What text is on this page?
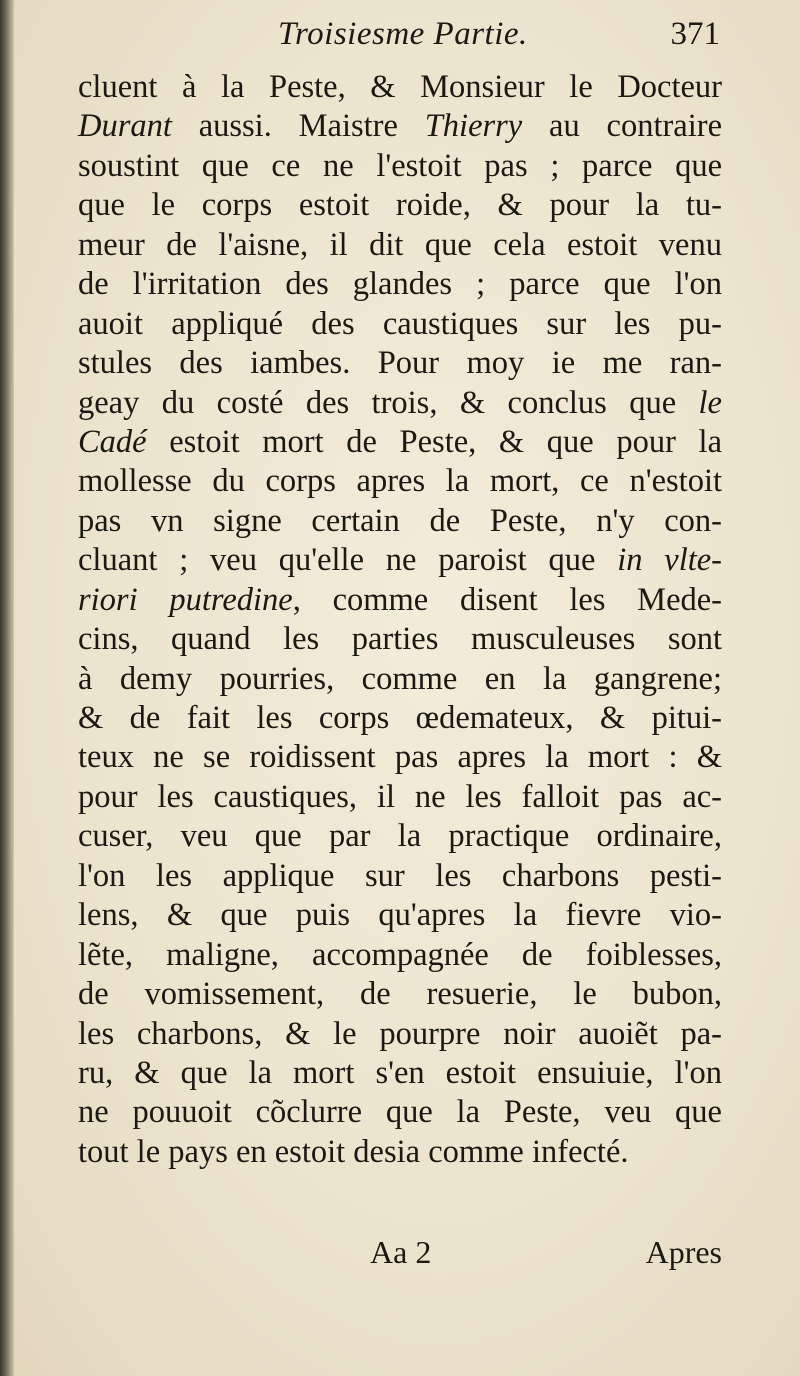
Troisiesme Partie.	371
cluent à la Peste, & Monsieur le Docteur
Durant aussi. Maistre Thierry au contraire
soustint que ce ne l'estoit pas ; parce que
que le corps estoit roide, & pour la tu-
meur de l'aisne, il dit que cela estoit venu
de l'irritation des glandes ; parce que l'on
auoit appliqué des caustiques sur les pu-
stules des iambes. Pour moy ie me ran-
geay du costé des trois, & conclus que le
Cadé estoit mort de Peste, & que pour la
mollesse du corps apres la mort, ce n'estoit
pas vn signe certain de Peste, n'y con-
cluant ; veu qu'elle ne paroist que in vlte-
riori putredine, comme disent les Mede-
cins, quand les parties musculeuses sont
à demy pourries, comme en la gangrene;
& de fait les corps œdemateux, & pitui-
teux ne se roidissent pas apres la mort : &
pour les caustiques, il ne les falloit pas ac-
cuser, veu que par la practique ordinaire,
l'on les applique sur les charbons pesti-
lens, & que puis qu'apres la fievre vio-
lẽte, maligne, accompagnée de foiblesses,
de vomissement, de resuerie, le bubon,
les charbons, & le pourpre noir auoiẽt pa-
ru, & que la mort s'en estoit ensuiuie, l'on
ne pouuoit cõclurre que la Peste, veu que
tout le pays en estoit desia comme infecté.
Aa 2	Apres
